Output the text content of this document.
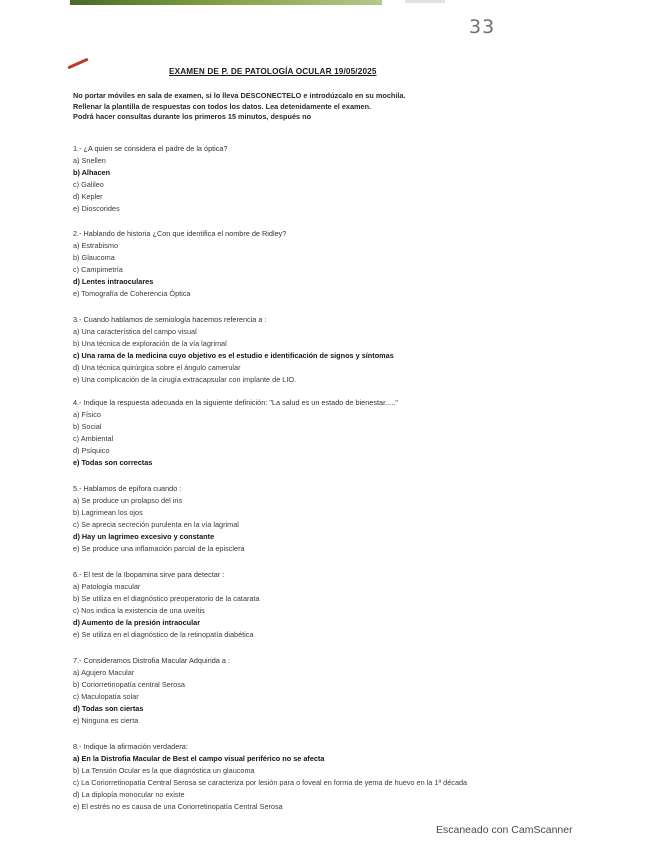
33
EXAMEN DE P. DE PATOLOGÍA OCULAR 19/05/2025
No portar móviles en sala de examen, si lo lleva DESCONECTELO e introdúzcalo en su mochila.
Rellenar la plantilla de respuestas con todos los datos. Lea detenidamente el examen.
Podrá hacer consultas durante los primeros 15 minutos, después no
1.- ¿A quien se considera el padre de la óptica?
a) Snellen
b) Alhacen
c) Galileo
d) Kepler
e) Dioscorides
2.- Hablando de historia ¿Con que identifica el nombre de Ridley?
a) Estrabismo
b) Glaucoma
c) Campimetría
d) Lentes intraoculares
e) Tomografía de Coherencia Óptica
3.- Cuando hablamos de semiología hacemos referencia a :
a) Una característica del campo visual
b) Una técnica de exploración de la vía lagrimal
c) Una rama de la medicina cuyo objetivo es el estudio e identificación de signos y síntomas
d) Una técnica quirúrgica sobre el ángulo camerular
e) Una complicación de la cirugía extracapsular con implante de LIO.
4.- Indique la respuesta adecuada en la siguiente definición: "La salud es un estado de bienestar....."
a) Físico
b) Social
c) Ambiental
d) Psíquico
e) Todas son correctas
5.- Hablamos de epífora cuando :
a) Se produce un prolapso del iris
b) Lagrimean los ojos
c) Se aprecia secreción purulenta en la vía lagrimal
d) Hay un lagrimeo excesivo y constante
e) Se produce una inflamación parcial de la episclera
6.- El test de la Ibopamina sirve para detectar :
a) Patología macular
b) Se utiliza en el diagnóstico preoperatorio de la catarata
c) Nos indica la existencia de una uveítis
d) Aumento de la presión intraocular
e) Se utiliza en el diagnóstico de la retinopatía diabética
7.- Consideramos Distrofia Macular Adquirida a :
a) Agujero Macular
b) Coriorretinopatía central Serosa
c) Maculopatía solar
d) Todas son ciertas
e) Ninguna es cierta
8.- Indique la afirmación verdadera:
a) En la Distrofia Macular de Best el campo visual periférico no se afecta
b) La Tensión Ocular es la que diagnóstica un glaucoma
c) La Coriorretinopatía Central Serosa se caracteriza por lesión para o foveal en forma de yema de huevo en la 1ª década
d) La diplopía monocular no existe
e) El estrés no es causa de una Coriorretinopatía Central Serosa
Escaneado con CamScanner
